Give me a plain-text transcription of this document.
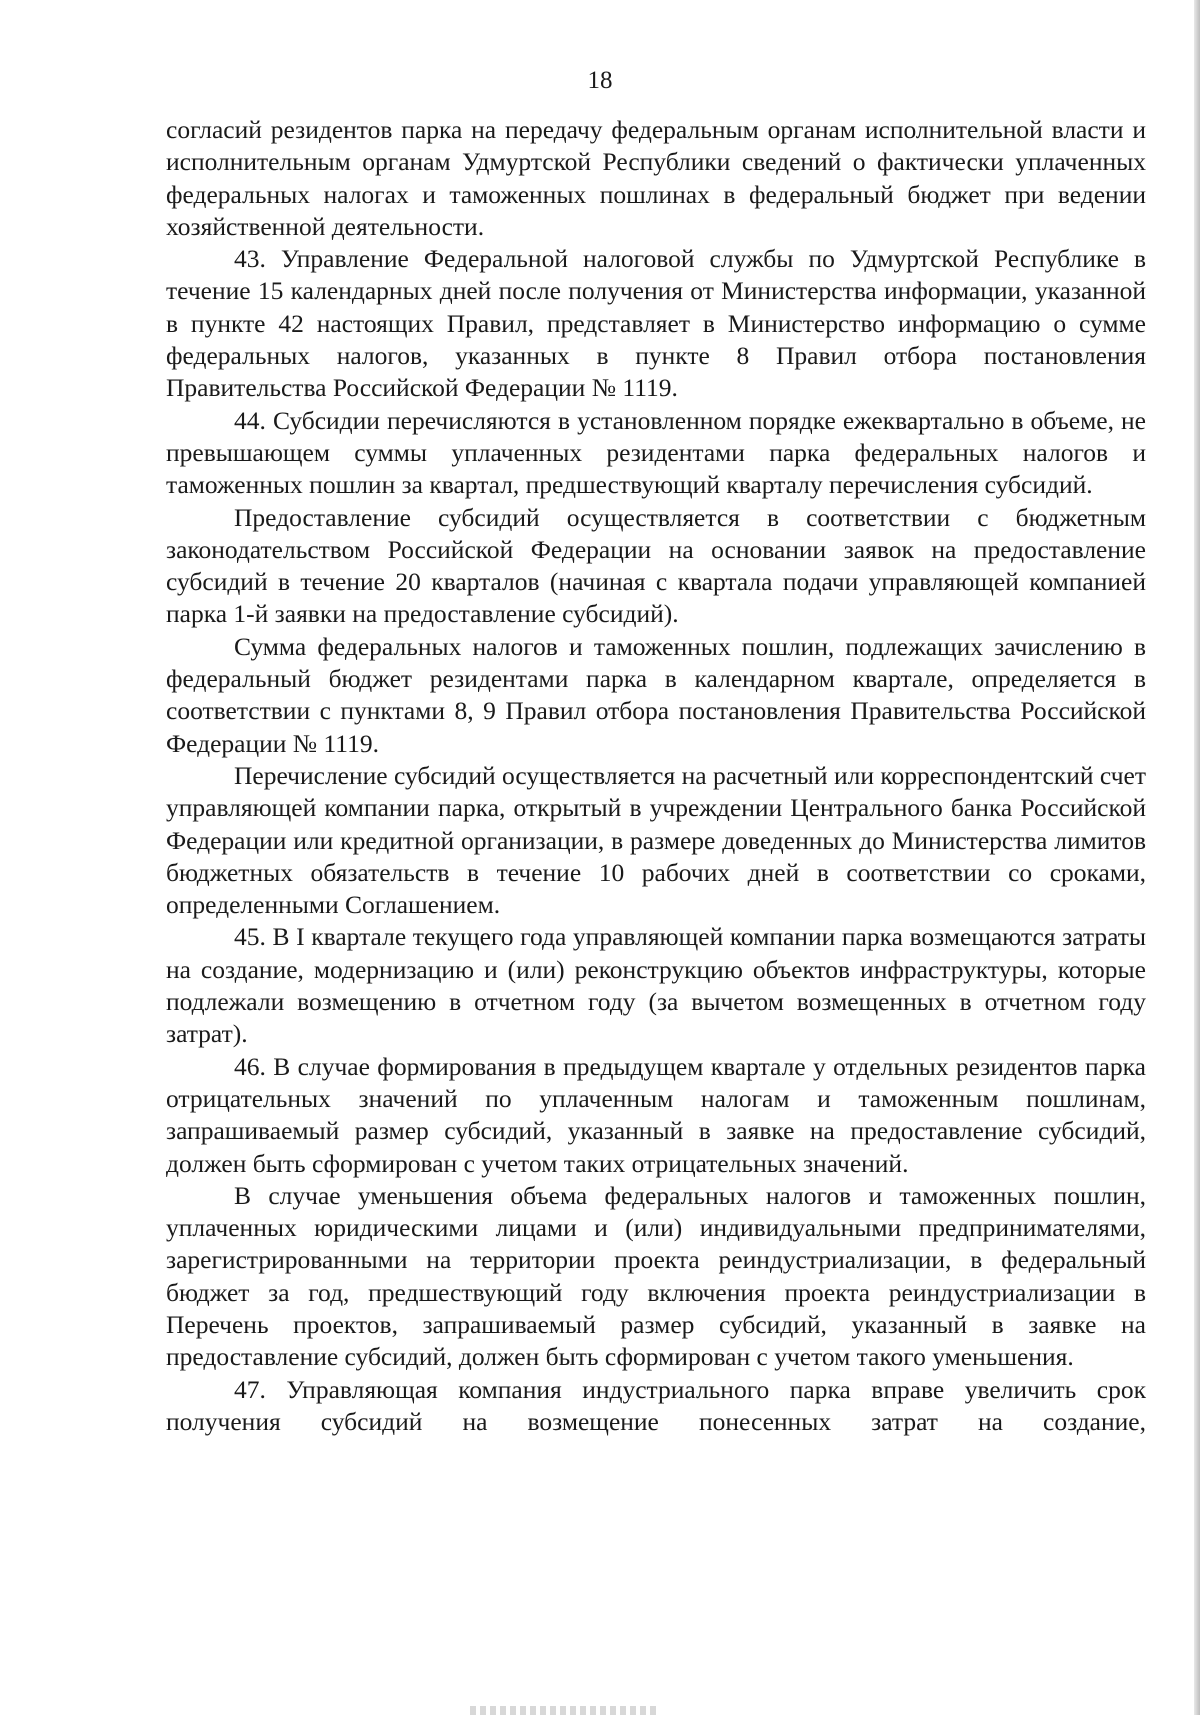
18

согласий резидентов парка на передачу федеральным органам исполнительной власти и исполнительным органам Удмуртской Республики сведений о фактически уплаченных федеральных налогах и таможенных пошлинах в федеральный бюджет при ведении хозяйственной деятельности.

43. Управление Федеральной налоговой службы по Удмуртской Республике в течение 15 календарных дней после получения от Министерства информации, указанной в пункте 42 настоящих Правил, представляет в Министерство информацию о сумме федеральных налогов, указанных в пункте 8 Правил отбора постановления Правительства Российской Федерации № 1119.

44. Субсидии перечисляются в установленном порядке ежеквартально в объеме, не превышающем суммы уплаченных резидентами парка федеральных налогов и таможенных пошлин за квартал, предшествующий кварталу перечисления субсидий.

Предоставление субсидий осуществляется в соответствии с бюджетным законодательством Российской Федерации на основании заявок на предоставление субсидий в течение 20 кварталов (начиная с квартала подачи управляющей компанией парка 1-й заявки на предоставление субсидий).

Сумма федеральных налогов и таможенных пошлин, подлежащих зачислению в федеральный бюджет резидентами парка в календарном квартале, определяется в соответствии с пунктами 8, 9 Правил отбора постановления Правительства Российской Федерации № 1119.

Перечисление субсидий осуществляется на расчетный или корреспондентский счет управляющей компании парка, открытый в учреждении Центрального банка Российской Федерации или кредитной организации, в размере доведенных до Министерства лимитов бюджетных обязательств в течение 10 рабочих дней в соответствии со сроками, определенными Соглашением.

45. В I квартале текущего года управляющей компании парка возмещаются затраты на создание, модернизацию и (или) реконструкцию объектов инфраструктуры, которые подлежали возмещению в отчетном году (за вычетом возмещенных в отчетном году затрат).

46. В случае формирования в предыдущем квартале у отдельных резидентов парка отрицательных значений по уплаченным налогам и таможенным пошлинам, запрашиваемый размер субсидий, указанный в заявке на предоставление субсидий, должен быть сформирован с учетом таких отрицательных значений.

В случае уменьшения объема федеральных налогов и таможенных пошлин, уплаченных юридическими лицами и (или) индивидуальными предпринимателями, зарегистрированными на территории проекта реиндустриализации, в федеральный бюджет за год, предшествующий году включения проекта реиндустриализации в Перечень проектов, запрашиваемый размер субсидий, указанный в заявке на предоставление субсидий, должен быть сформирован с учетом такого уменьшения.

47. Управляющая компания индустриального парка вправе увеличить срок получения субсидий на возмещение понесенных затрат на создание,
